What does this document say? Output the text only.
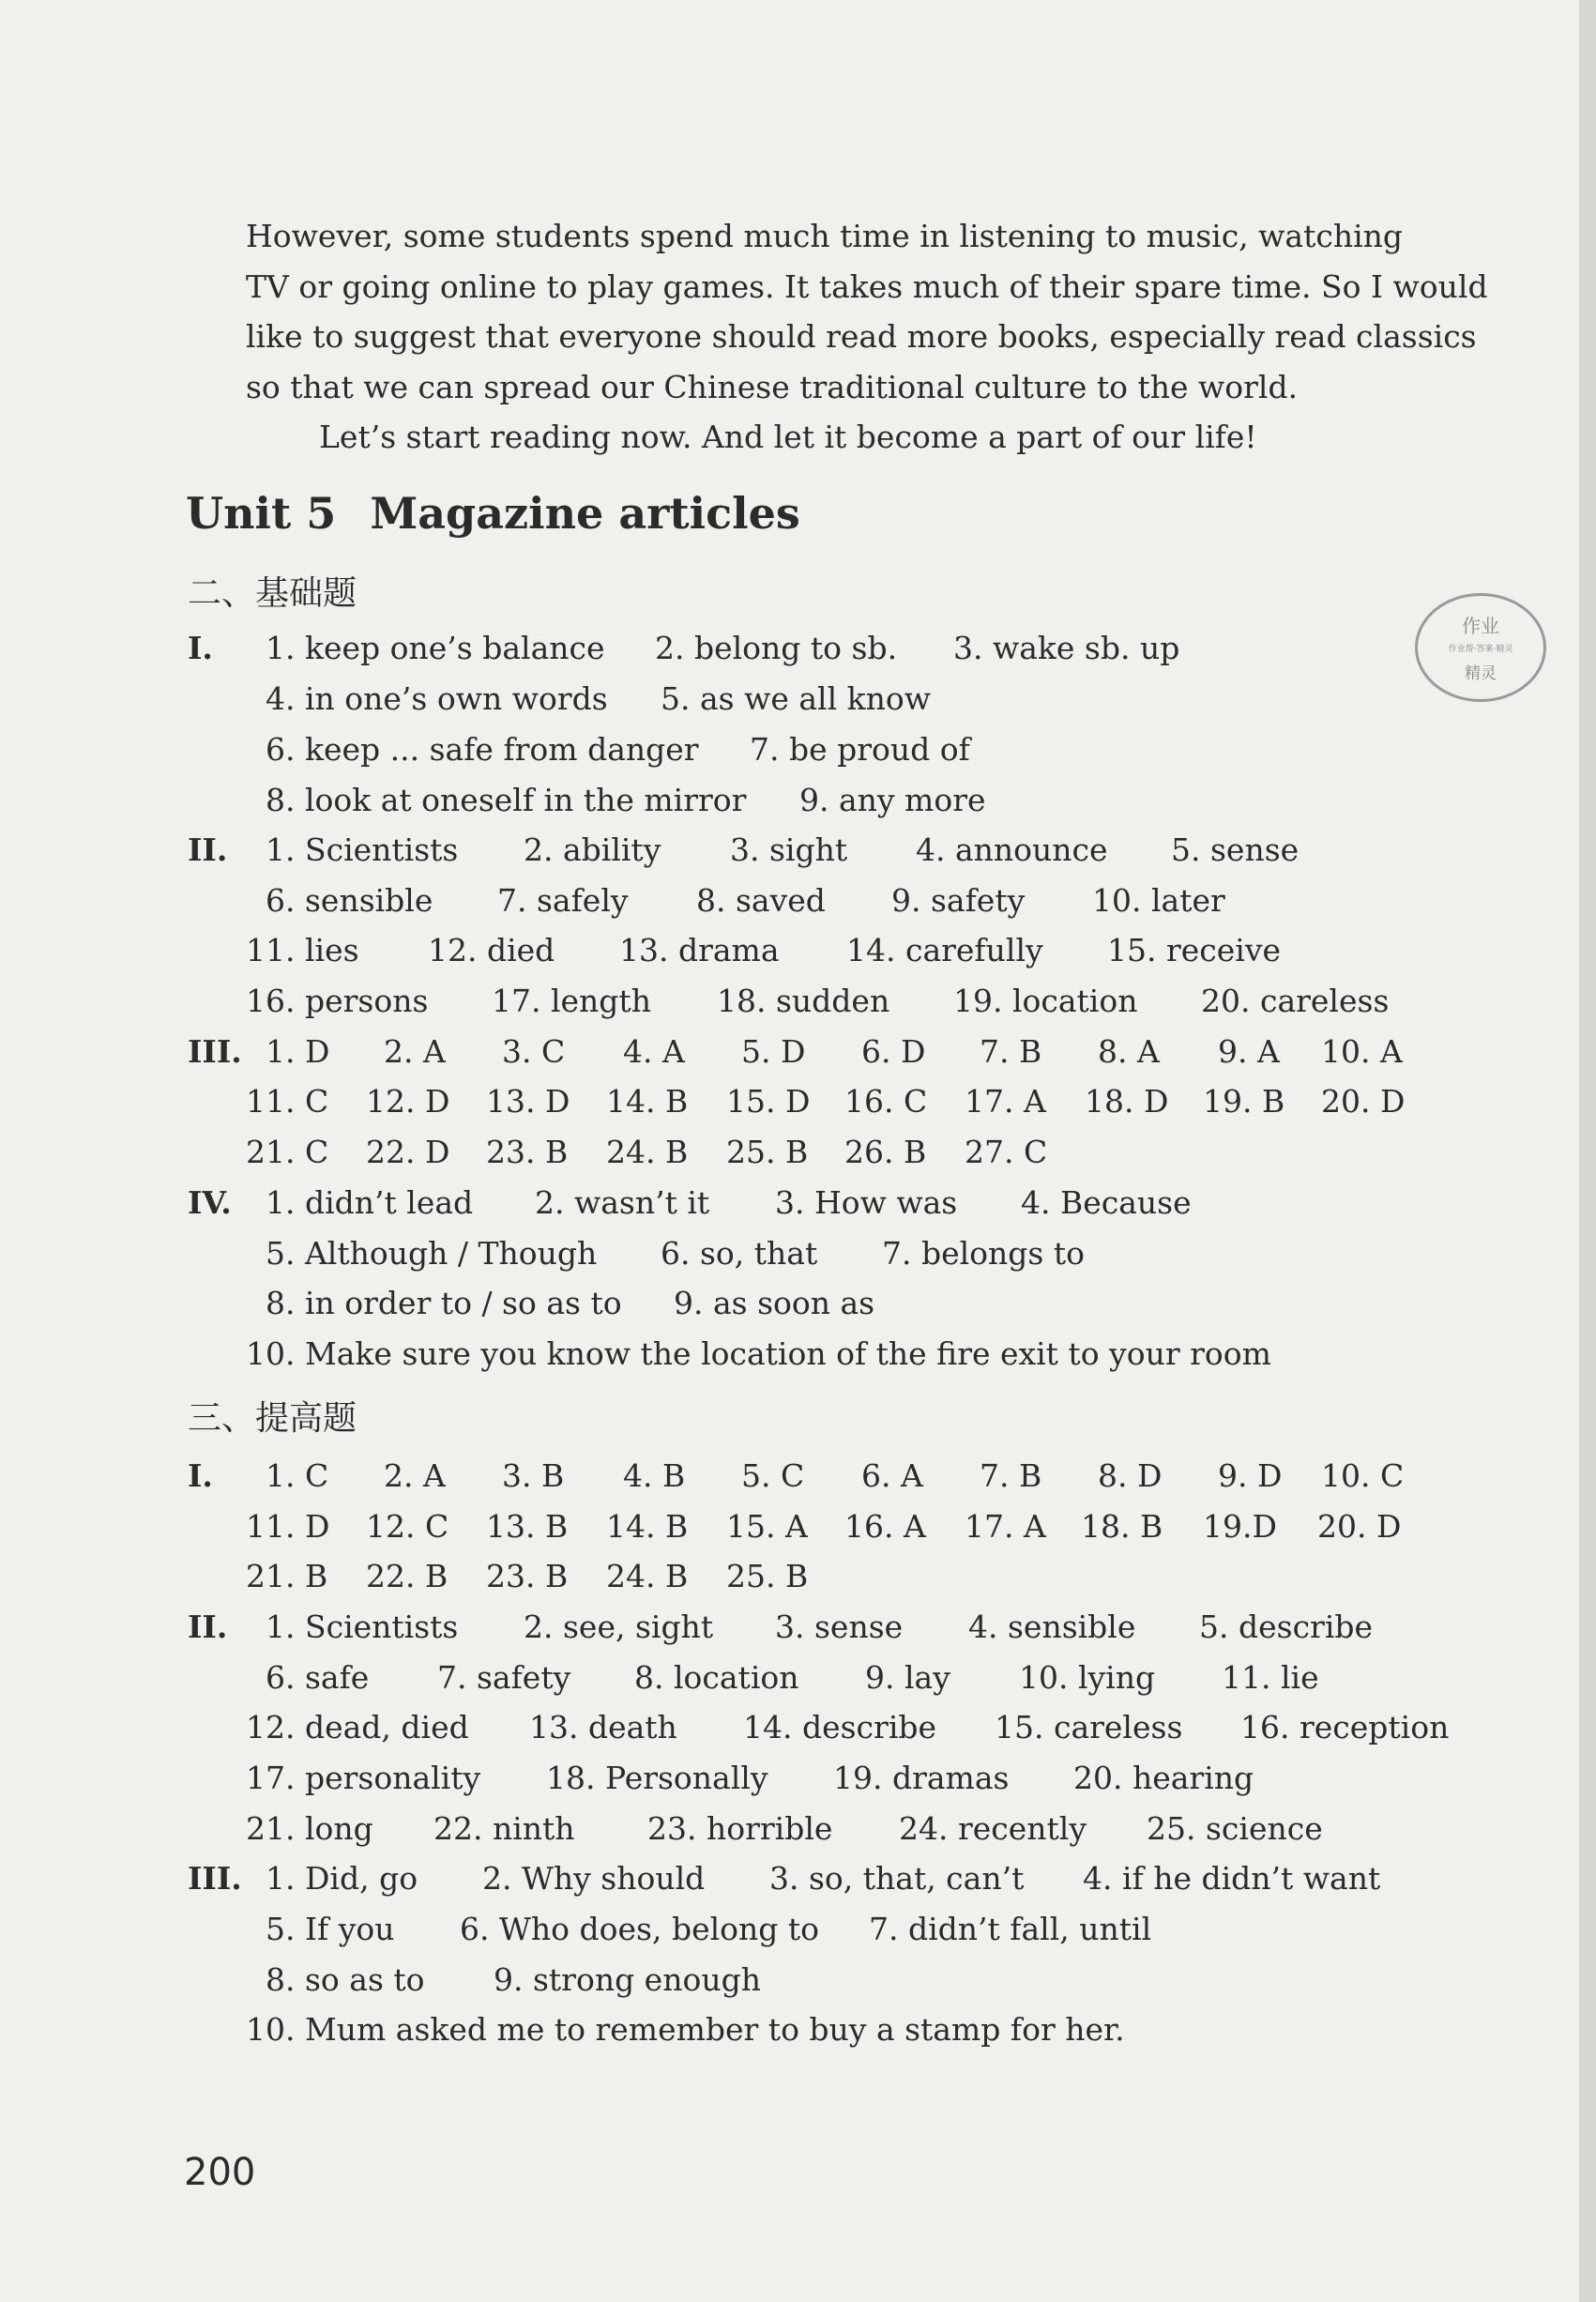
However, some students spend much time in listening to music, watching
TV or going online to play games. It takes much of their spare time. So I would
like to suggest that everyone should read more books, especially read classics
so that we can spread our Chinese traditional culture to the world.
Let’s start reading now. And let it become a part of our life!
Unit 5 Magazine articles
作业
作业帮·答案·精灵
精灵
二、基础题
I. 1. keep one’s balance 2. belong to sb. 3. wake sb. up
4. in one’s own words 5. as we all know
6. keep ... safe from danger 7. be proud of
8. look at oneself in the mirror 9. any more
II. 1. Scientists 2. ability 3. sight 4. announce 5. sense
6. sensible 7. safely 8. saved 9. safety 10. later
11. lies 12. died 13. drama 14. carefully 15. receive
16. persons 17. length 18. sudden 19. location 20. careless
III. 1. D 2. A 3. C 4. A 5. D 6. D 7. B 8. A 9. A 10. A
11. C 12. D 13. D 14. B 15. D 16. C 17. A 18. D 19. B 20. D
21. C 22. D 23. B 24. B 25. B 26. B 27. C
IV. 1. didn’t lead 2. wasn’t it 3. How was 4. Because
5. Although / Though 6. so, that 7. belongs to
8. in order to / so as to 9. as soon as
10. Make sure you know the location of the fire exit to your room
三、提高题
I. 1. C 2. A 3. B 4. B 5. C 6. A 7. B 8. D 9. D 10. C
11. D 12. C 13. B 14. B 15. A 16. A 17. A 18. B 19.D 20. D
21. B 22. B 23. B 24. B 25. B
II. 1. Scientists 2. see, sight 3. sense 4. sensible 5. describe
6. safe 7. safety 8. location 9. lay 10. lying 11. lie
12. dead, died 13. death 14. describe 15. careless 16. reception
17. personality 18. Personally 19. dramas 20. hearing
21. long 22. ninth 23. horrible 24. recently 25. science
III. 1. Did, go 2. Why should 3. so, that, can’t 4. if he didn’t want
5. If you 6. Who does, belong to 7. didn’t fall, until
8. so as to 9. strong enough
10. Mum asked me to remember to buy a stamp for her.
200
